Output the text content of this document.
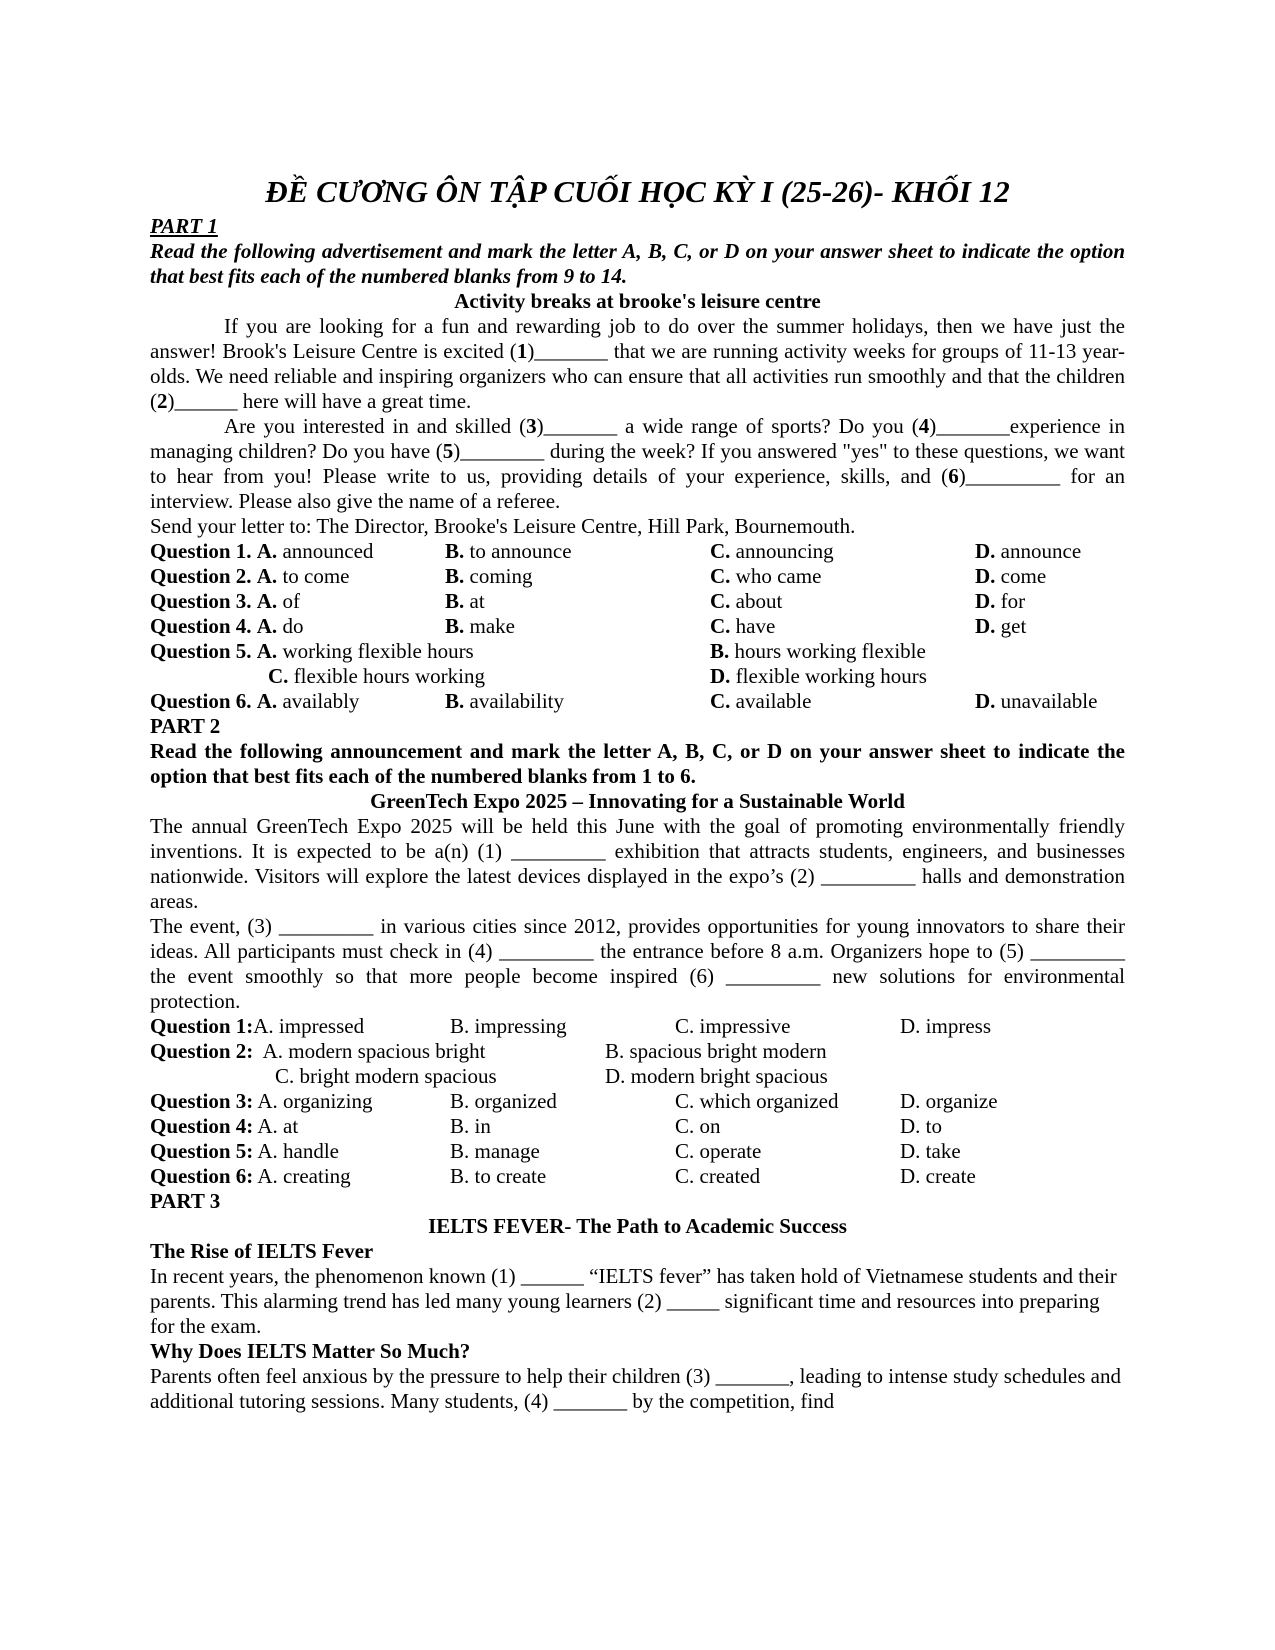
ĐỀ CƯƠNG ÔN TẬP CUỐI HỌC KỲ I (25-26)- KHỐI 12
PART 1

Read the following advertisement and mark the letter A, B, C, or D on your answer sheet to indicate the option that best fits each of the numbered blanks from 9 to 14.

Activity breaks at brooke's leisure centre

If you are looking for a fun and rewarding job to do over the summer holidays, then we have just the answer! Brook's Leisure Centre is excited (1)_______ that we are running activity weeks for groups of 11-13 year-olds. We need reliable and inspiring organizers who can ensure that all activities run smoothly and that the children (2)______ here will have a great time.

Are you interested in and skilled (3)_______ a wide range of sports? Do you (4)_______experience in managing children? Do you have (5)________ during the week? If you answered "yes" to these questions, we want to hear from you! Please write to us, providing details of your experience, skills, and (6)_________ for an interview. Please also give the name of a referee.

Send your letter to: The Director, Brooke's Leisure Centre, Hill Park, Bournemouth.

Question 1. A. announced	B. to announce	C. announcing	D. announce
Question 2. A. to come	B. coming	C. who came	D. come
Question 3. A. of	B. at	C. about	D. for
Question 4. A. do	B. make	C. have	D. get
Question 5. A. working flexible hours	B. hours working flexible
C. flexible hours working	D. flexible working hours
Question 6. A. availably	B. availability	C. available	D. unavailable
PART 2

Read the following announcement and mark the letter A, B, C, or D on your answer sheet to indicate the option that best fits each of the numbered blanks from 1 to 6.

GreenTech Expo 2025 – Innovating for a Sustainable World

The annual GreenTech Expo 2025 will be held this June with the goal of promoting environmentally friendly inventions. It is expected to be a(n) (1) _________ exhibition that attracts students, engineers, and businesses nationwide. Visitors will explore the latest devices displayed in the expo’s (2) _________ halls and demonstration areas.

The event, (3) _________ in various cities since 2012, provides opportunities for young innovators to share their ideas. All participants must check in (4) _________ the entrance before 8 a.m. Organizers hope to (5) _________ the event smoothly so that more people become inspired (6) _________ new solutions for environmental protection.

Question 1:A. impressed	B. impressing	C. impressive	D. impress
Question 2: A. modern spacious bright	B. spacious bright modern
C. bright modern spacious	D. modern bright spacious
Question 3: A. organizing	B. organized	C. which organized	D. organize
Question 4: A. at	B. in	C. on	D. to
Question 5: A. handle	B. manage	C. operate	D. take
Question 6: A. creating	B. to create	C. created	D. create
PART 3

IELTS FEVER- The Path to Academic Success

The Rise of IELTS Fever

In recent years, the phenomenon known (1) ______ “IELTS fever” has taken hold of Vietnamese students and their parents. This alarming trend has led many young learners (2) _____ significant time and resources into preparing for the exam.

Why Does IELTS Matter So Much?

Parents often feel anxious by the pressure to help their children (3) _______, leading to intense study schedules and additional tutoring sessions. Many students, (4) _______ by the competition, find
